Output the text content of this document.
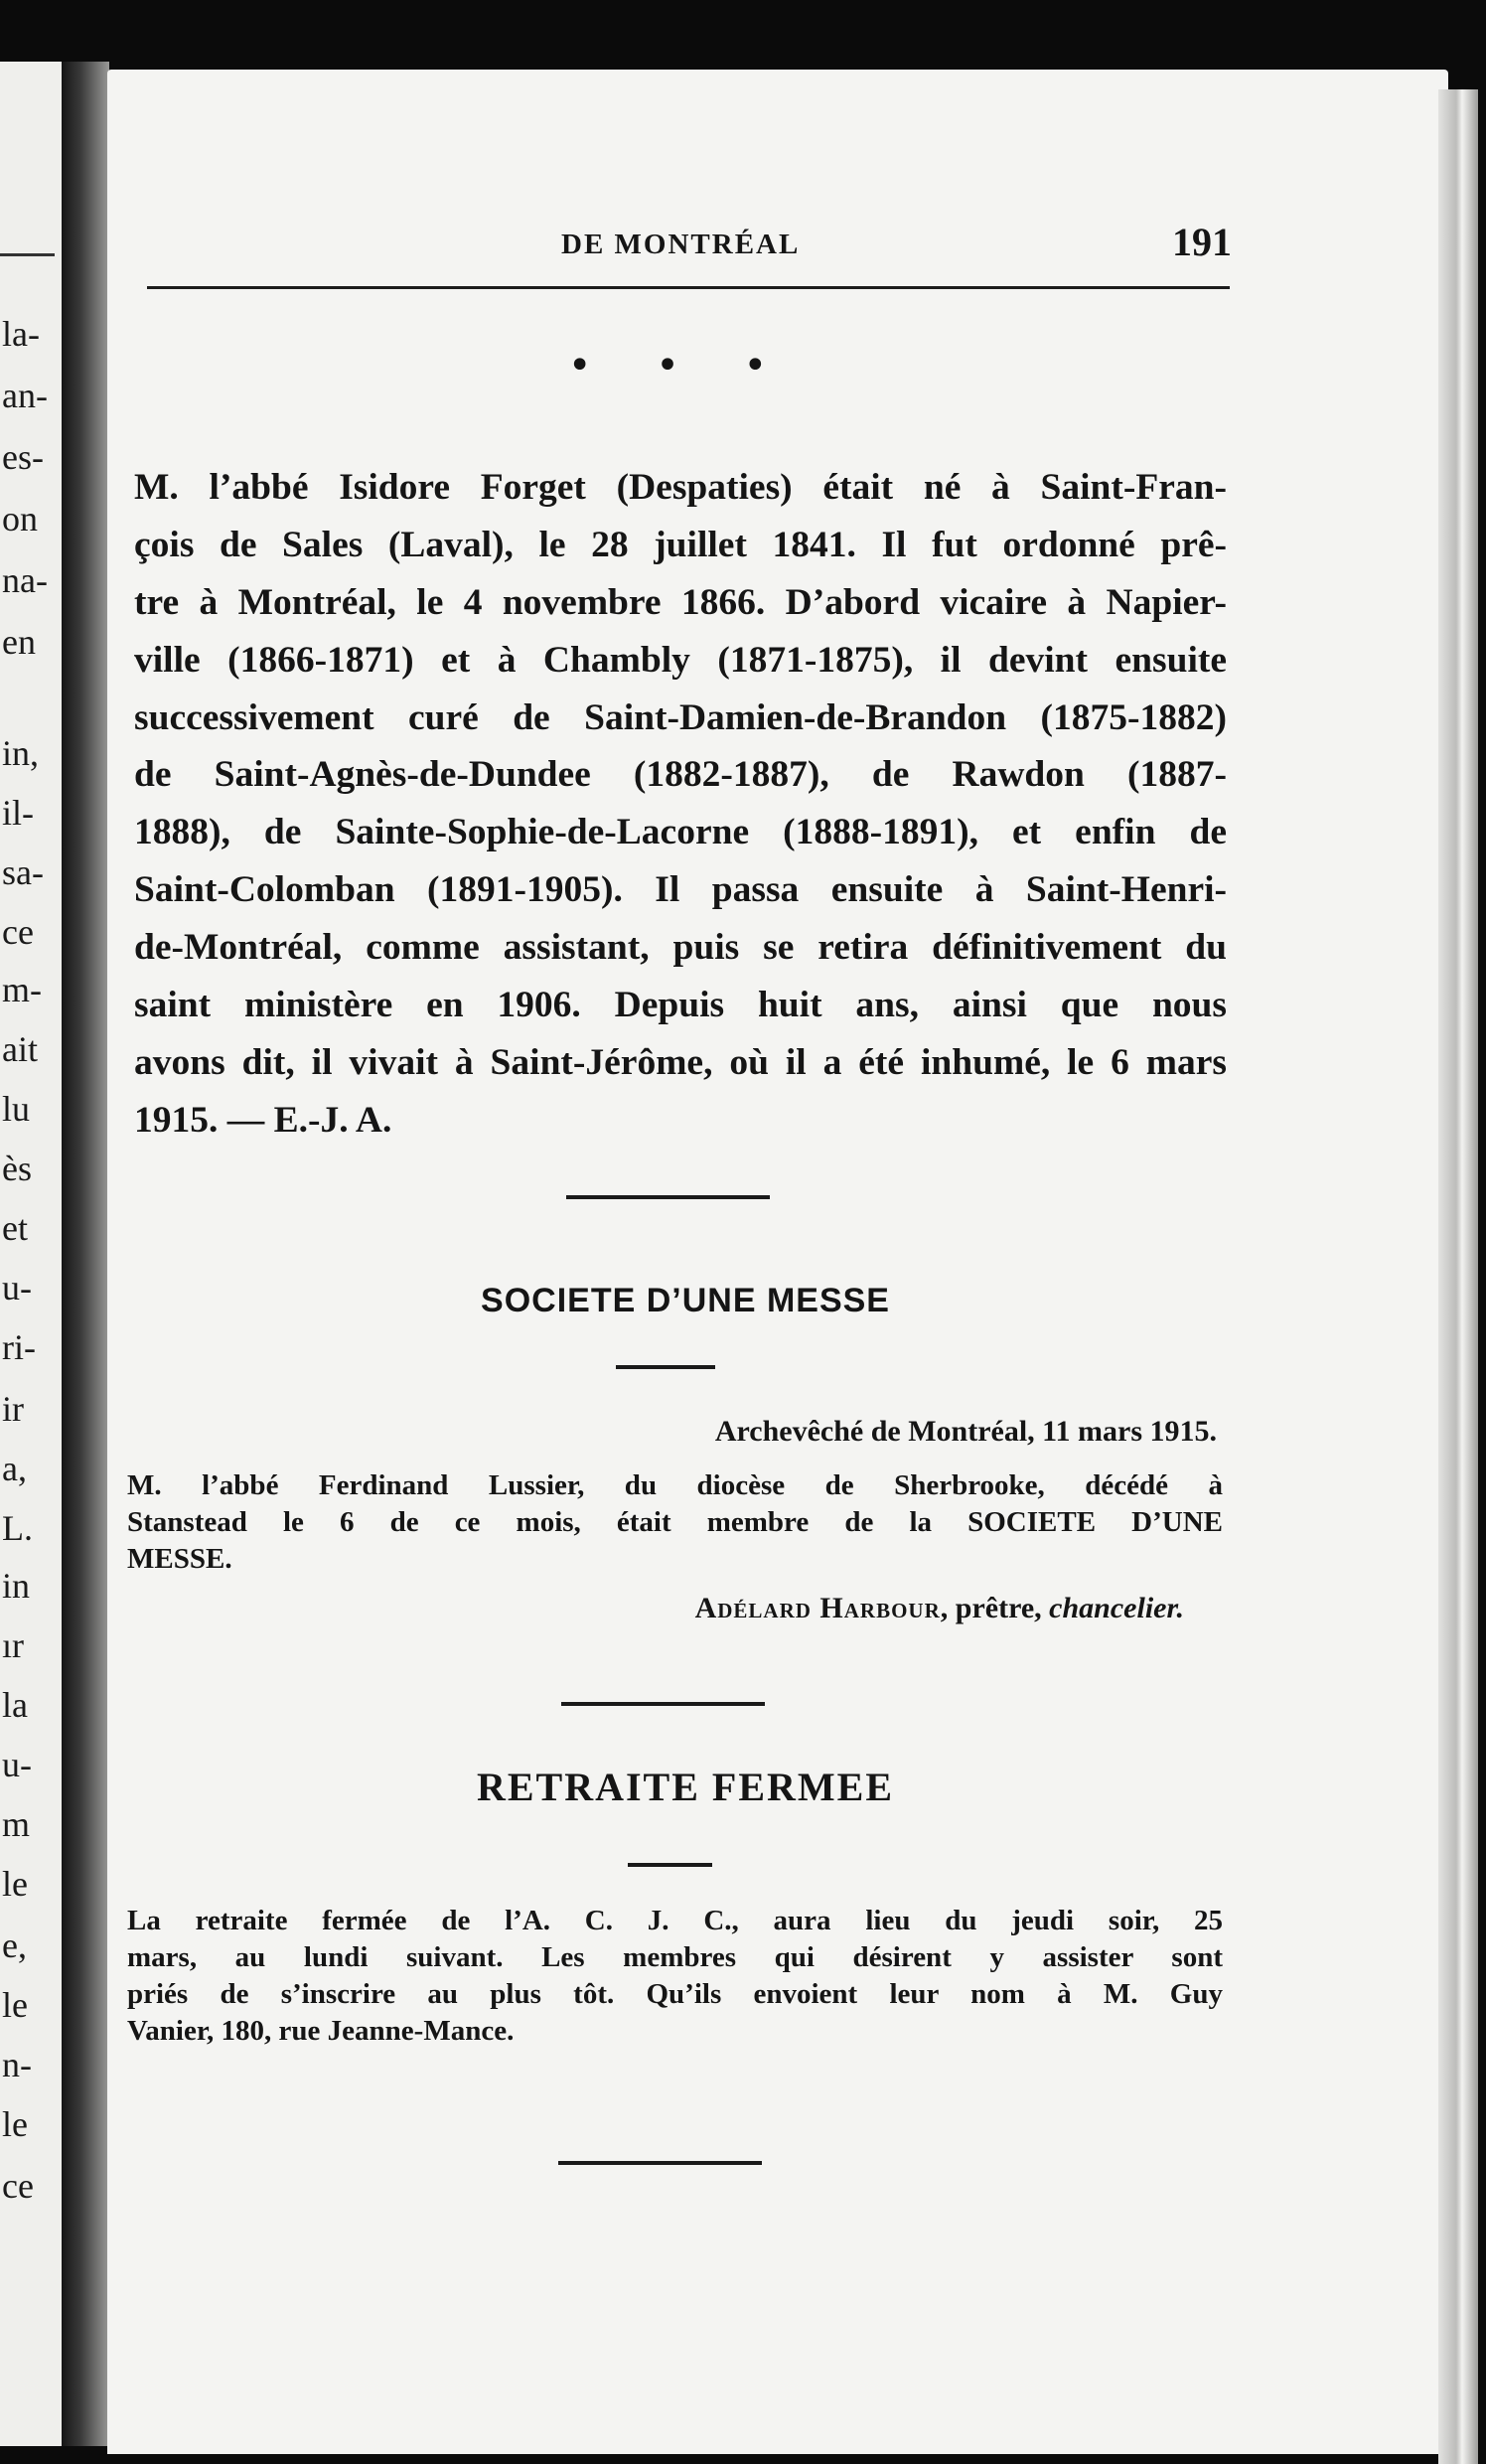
la-
an-
es-
on
na-
en
in,
il-
sa-
ce
m-
ait
lu
ès
et
u-
ri-
ir
a,
L.
in
ır
la
u-
m
le
e,
le
n-
le
ce
DE MONTRÉAL	191
• • •
M. l’abbé Isidore Forget (Despaties) était né à Saint-Fran-
çois de Sales (Laval), le 28 juillet 1841. Il fut ordonné prê-
tre à Montréal, le 4 novembre 1866. D’abord vicaire à Napier-
ville (1866-1871) et à Chambly (1871-1875), il devint ensuite
successivement curé de Saint-Damien-de-Brandon (1875-1882)
de Saint-Agnès-de-Dundee (1882-1887), de Rawdon (1887-
1888), de Sainte-Sophie-de-Lacorne (1888-1891), et enfin de
Saint-Colomban (1891-1905). Il passa ensuite à Saint-Henri-
de-Montréal, comme assistant, puis se retira définitivement du
saint ministère en 1906. Depuis huit ans, ainsi que nous
avons dit, il vivait à Saint-Jérôme, où il a été inhumé, le 6 mars
1915. — E.-J. A.
SOCIETE D’UNE MESSE
Archevêché de Montréal, 11 mars 1915.
M. l’abbé Ferdinand Lussier, du diocèse de Sherbrooke, décédé à
Stanstead le 6 de ce mois, était membre de la SOCIETE D’UNE
MESSE.
Adélard Harbour, prêtre, chancelier.
RETRAITE FERMEE
La retraite fermée de l’A. C. J. C., aura lieu du jeudi soir, 25
mars, au lundi suivant. Les membres qui désirent y assister sont
priés de s’inscrire au plus tôt. Qu’ils envoient leur nom à M. Guy
Vanier, 180, rue Jeanne-Mance.
